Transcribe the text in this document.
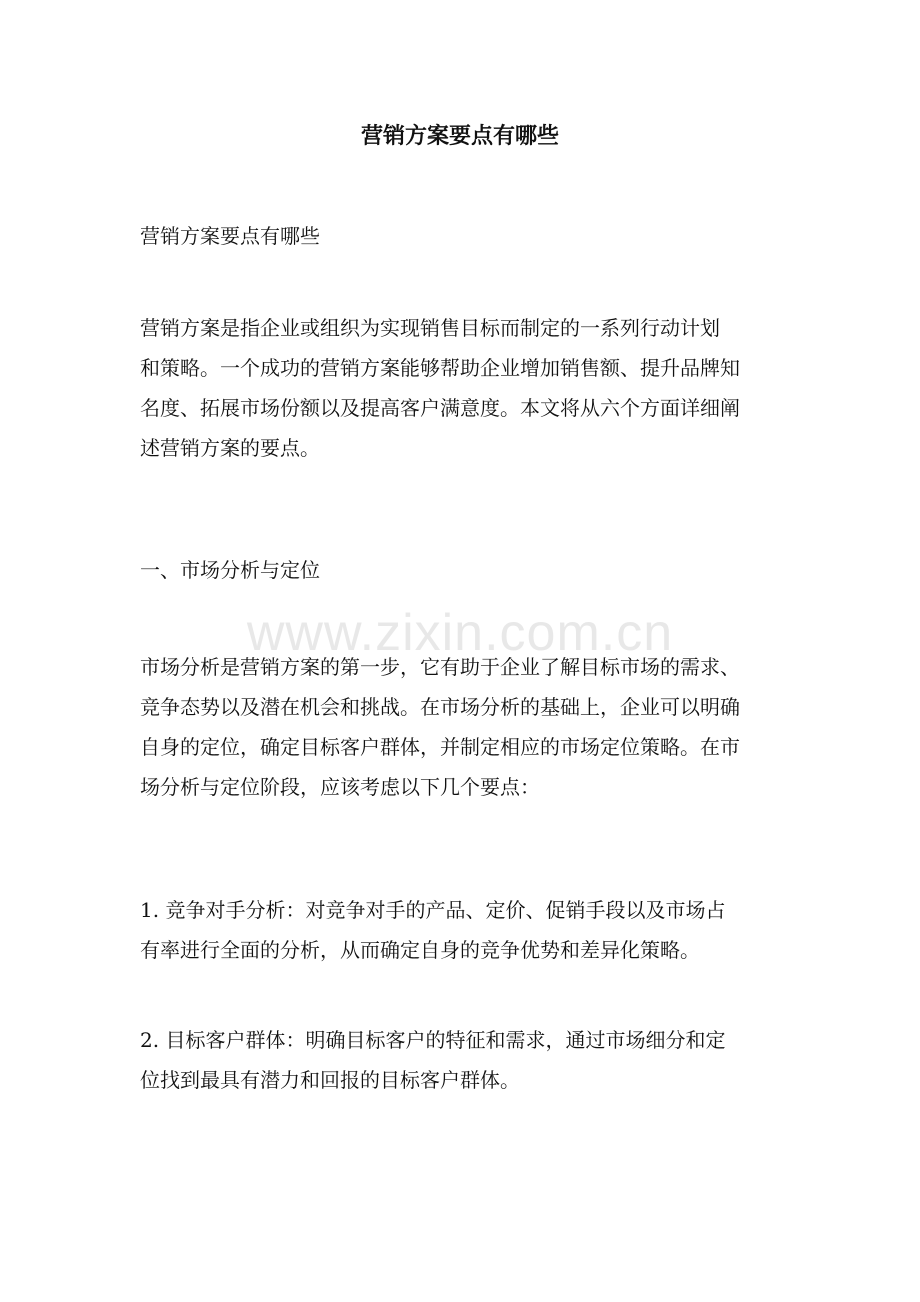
营销方案要点有哪些

营销方案要点有哪些

营销方案是指企业或组织为实现销售目标而制定的一系列行动计划
和策略。一个成功的营销方案能够帮助企业增加销售额、提升品牌知
名度、拓展市场份额以及提高客户满意度。本文将从六个方面详细阐
述营销方案的要点。

一、市场分析与定位

市场分析是营销方案的第一步，它有助于企业了解目标市场的需求、
竞争态势以及潜在机会和挑战。在市场分析的基础上，企业可以明确
自身的定位，确定目标客户群体，并制定相应的市场定位策略。在市
场分析与定位阶段，应该考虑以下几个要点：

1. 竞争对手分析：对竞争对手的产品、定价、促销手段以及市场占
有率进行全面的分析，从而确定自身的竞争优势和差异化策略。

2. 目标客户群体：明确目标客户的特征和需求，通过市场细分和定
位找到最具有潜力和回报的目标客户群体。

www.zixin.com.cn
